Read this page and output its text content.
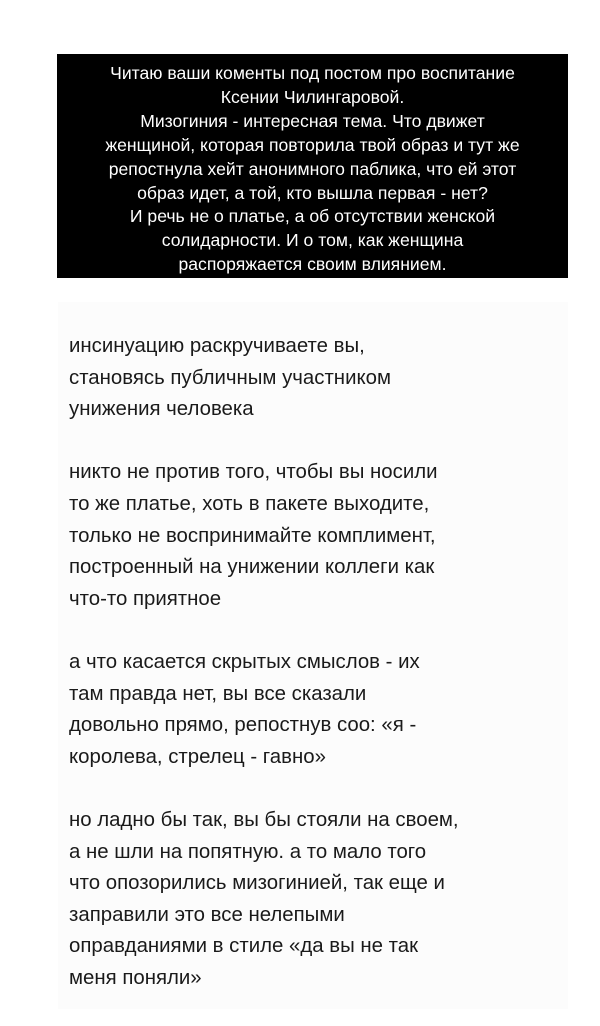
Читаю ваши коменты под постом про воспитание
Ксении Чилингаровой.
Мизогиния - интересная тема. Что движет
женщиной, которая повторила твой образ и тут же
репостнула хейт анонимного паблика, что ей этот
образ идет, а той, кто вышла первая - нет?
И речь не о платье, а об отсутствии женской
солидарности. И о том, как женщина
распоряжается своим влиянием.

инсинуацию раскручиваете вы,
становясь публичным участником
унижения человека

никто не против того, чтобы вы носили
то же платье, хоть в пакете выходите,
только не воспринимайте комплимент,
построенный на унижении коллеги как
что-то приятное

а что касается скрытых смыслов - их
там правда нет, вы все сказали
довольно прямо, репостнув соо: «я -
королева, стрелец - гавно»

но ладно бы так, вы бы стояли на своем,
а не шли на попятную. а то мало того
что опозорились мизогинией, так еще и
заправили это все нелепыми
оправданиями в стиле «да вы не так
меня поняли»
